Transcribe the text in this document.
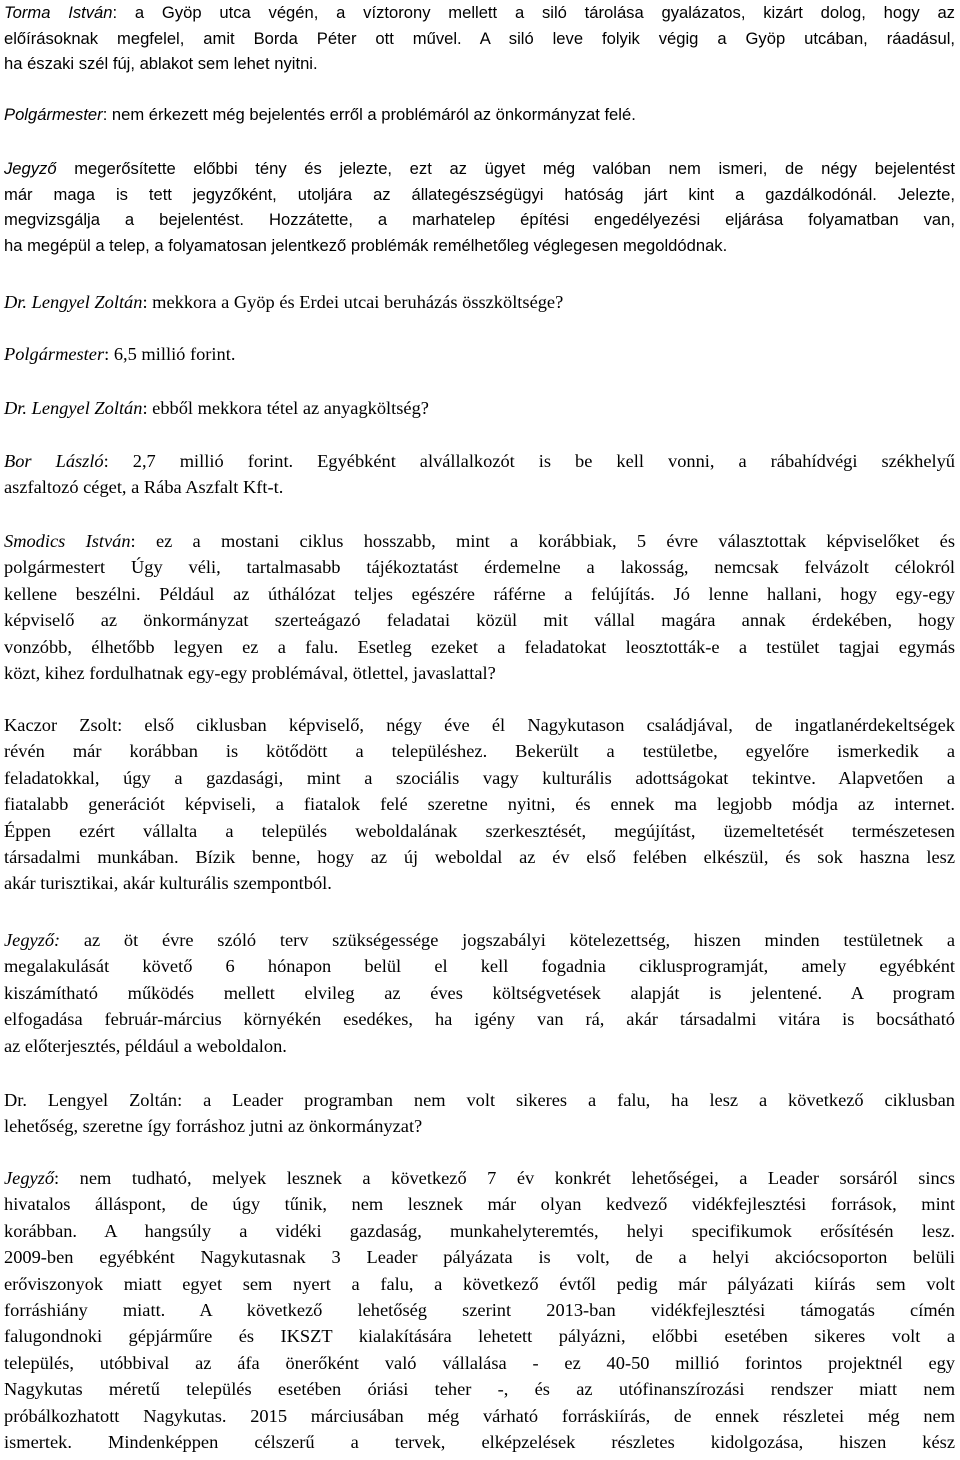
Torma István: a Gyöp utca végén, a víztorony mellett a siló tárolása gyalázatos, kizárt dolog, hogy az
előírásoknak megfelel, amit Borda Péter ott művel. A siló leve folyik végig a Gyöp utcában, ráadásul,
ha északi szél fúj, ablakot sem lehet nyitni.
Polgármester: nem érkezett még bejelentés erről a problémáról az önkormányzat felé.
Jegyző megerősítette előbbi tény és jelezte, ezt az ügyet még valóban nem ismeri, de négy bejelentést
már maga is tett jegyzőként, utoljára az állategészségügyi hatóság járt kint a gazdálkodónál. Jelezte,
megvizsgálja a bejelentést. Hozzátette, a marhatelep építési engedélyezési eljárása folyamatban van,
ha megépül a telep, a folyamatosan jelentkező problémák remélhetőleg véglegesen megoldódnak.
Dr. Lengyel Zoltán: mekkora a Gyöp és Erdei utcai beruházás összköltsége?
Polgármester: 6,5 millió forint.
Dr. Lengyel Zoltán: ebből mekkora tétel az anyagköltség?
Bor László: 2,7 millió forint. Egyébként alvállalkozót is be kell vonni, a rábahídvégi székhelyű
aszfaltozó céget, a Rába Aszfalt Kft-t.
Smodics István: ez a mostani ciklus hosszabb, mint a korábbiak, 5 évre választottak képviselőket és
polgármestert Úgy véli, tartalmasabb tájékoztatást érdemelne a lakosság, nemcsak felvázolt célokról
kellene beszélni. Például az úthálózat teljes egészére ráférne a felújítás. Jó lenne hallani, hogy egy-egy
képviselő az önkormányzat szerteágazó feladatai közül mit vállal magára annak érdekében, hogy
vonzóbb, élhetőbb legyen ez a falu. Esetleg ezeket a feladatokat leosztották-e a testület tagjai egymás
közt, kihez fordulhatnak egy-egy problémával, ötlettel, javaslattal?
Kaczor Zsolt: első ciklusban képviselő, négy éve él Nagykutason családjával, de ingatlanérdekeltségek
révén már korábban is kötődött a településhez. Bekerült a testületbe, egyelőre ismerkedik a
feladatokkal, úgy a gazdasági, mint a szociális vagy kulturális adottságokat tekintve. Alapvetően a
fiatalabb generációt képviseli, a fiatalok felé szeretne nyitni, és ennek ma legjobb módja az internet.
Éppen ezért vállalta a település weboldalának szerkesztését, megújítást, üzemeltetését természetesen
társadalmi munkában. Bízik benne, hogy az új weboldal az év első felében elkészül, és sok haszna lesz
akár turisztikai, akár kulturális szempontból.
Jegyző: az öt évre szóló terv szükségessége jogszabályi kötelezettség, hiszen minden testületnek a
megalakulását követő 6 hónapon belül el kell fogadnia ciklusprogramját, amely egyébként
kiszámítható működés mellett elvileg az éves költségvetések alapját is jelentené. A program
elfogadása február-március környékén esedékes, ha igény van rá, akár társadalmi vitára is bocsátható
az előterjesztés, például a weboldalon.
Dr. Lengyel Zoltán: a Leader programban nem volt sikeres a falu, ha lesz a következő ciklusban
lehetőség, szeretne így forráshoz jutni az önkormányzat?
Jegyző: nem tudható, melyek lesznek a következő 7 év konkrét lehetőségei, a Leader sorsáról sincs
hivatalos álláspont, de úgy tűnik, nem lesznek már olyan kedvező vidékfejlesztési források, mint
korábban. A hangsúly a vidéki gazdaság, munkahelyteremtés, helyi specifikumok erősítésén lesz.
2009-ben egyébként Nagykutasnak 3 Leader pályázata is volt, de a helyi akciócsoporton belüli
erőviszonyok miatt egyet sem nyert a falu, a következő évtől pedig már pályázati kiírás sem volt
forráshiány miatt. A következő lehetőség szerint 2013-ban vidékfejlesztési támogatás címén
falugondnoki gépjárműre és IKSZT kialakítására lehetett pályázni, előbbi esetében sikeres volt a
település, utóbbival az áfa önerőként való vállalása - ez 40-50 millió forintos projektnél egy
Nagykutas méretű település esetében óriási teher -, és az utófinanszírozási rendszer miatt nem
próbálkozhatott Nagykutas. 2015 márciusában még várható forráskiírás, de ennek részletei még nem
ismertek. Mindenképpen célszerű a tervek, elképzelések részletes kidolgozása, hiszen kész
